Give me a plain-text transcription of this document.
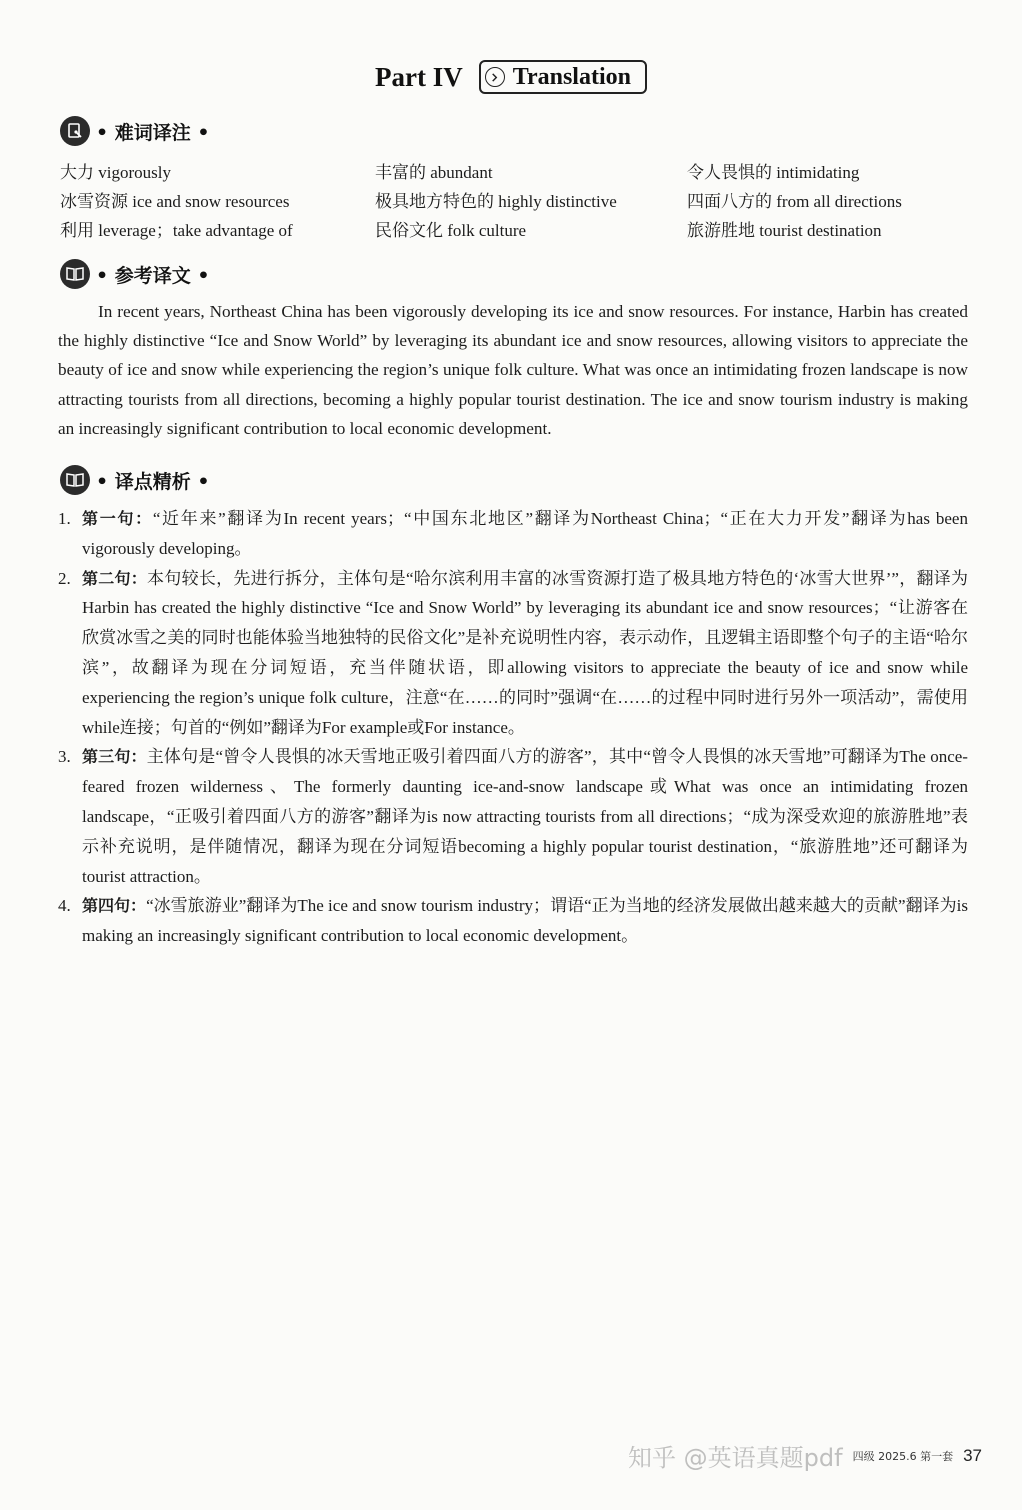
Part IV Translation
• 难词译注 •
大力 vigorously	丰富的 abundant	令人畏惧的 intimidating
冰雪资源 ice and snow resources	极具地方特色的 highly distinctive	四面八方的 from all directions
利用 leverage；take advantage of	民俗文化 folk culture	旅游胜地 tourist destination
• 参考译文 •

In recent years, Northeast China has been vigorously developing its ice and snow resources. For instance, Harbin has created the highly distinctive “Ice and Snow World” by leveraging its abundant ice and snow resources, allowing visitors to appreciate the beauty of ice and snow while experiencing the region’s unique folk culture. What was once an intimidating frozen landscape is now attracting tourists from all directions, becoming a highly popular tourist destination. The ice and snow tourism industry is making an increasingly significant contribution to local economic development.

• 译点精析 •
1. 第一句：“近年来”翻译为In recent years；“中国东北地区”翻译为Northeast China；“正在大力开发”翻译为has been vigorously developing。
2. 第二句：本句较长，先进行拆分，主体句是“哈尔滨利用丰富的冰雪资源打造了极具地方特色的‘冰雪大世界’”，翻译为Harbin has created the highly distinctive “Ice and Snow World” by leveraging its abundant ice and snow resources；“让游客在欣赏冰雪之美的同时也能体验当地独特的民俗文化”是补充说明性内容，表示动作，且逻辑主语即整个句子的主语“哈尔滨”，故翻译为现在分词短语，充当伴随状语，即allowing visitors to appreciate the beauty of ice and snow while experiencing the region’s unique folk culture，注意“在……的同时”强调“在……的过程中同时进行另外一项活动”，需使用while连接；句首的“例如”翻译为For example或For instance。
3. 第三句：主体句是“曾令人畏惧的冰天雪地正吸引着四面八方的游客”，其中“曾令人畏惧的冰天雪地”可翻译为The once-feared frozen wilderness、The formerly daunting ice-and-snow landscape或What was once an intimidating frozen landscape，“正吸引着四面八方的游客”翻译为is now attracting tourists from all directions；“成为深受欢迎的旅游胜地”表示补充说明，是伴随情况，翻译为现在分词短语becoming a highly popular tourist destination，“旅游胜地”还可翻译为tourist attraction。
4. 第四句：“冰雪旅游业”翻译为The ice and snow tourism industry；谓语“正为当地的经济发展做出越来越大的贡献”翻译为is making an increasingly significant contribution to local economic development。
知乎 @英语真题pdf 四级 2025.6 第一套 37
